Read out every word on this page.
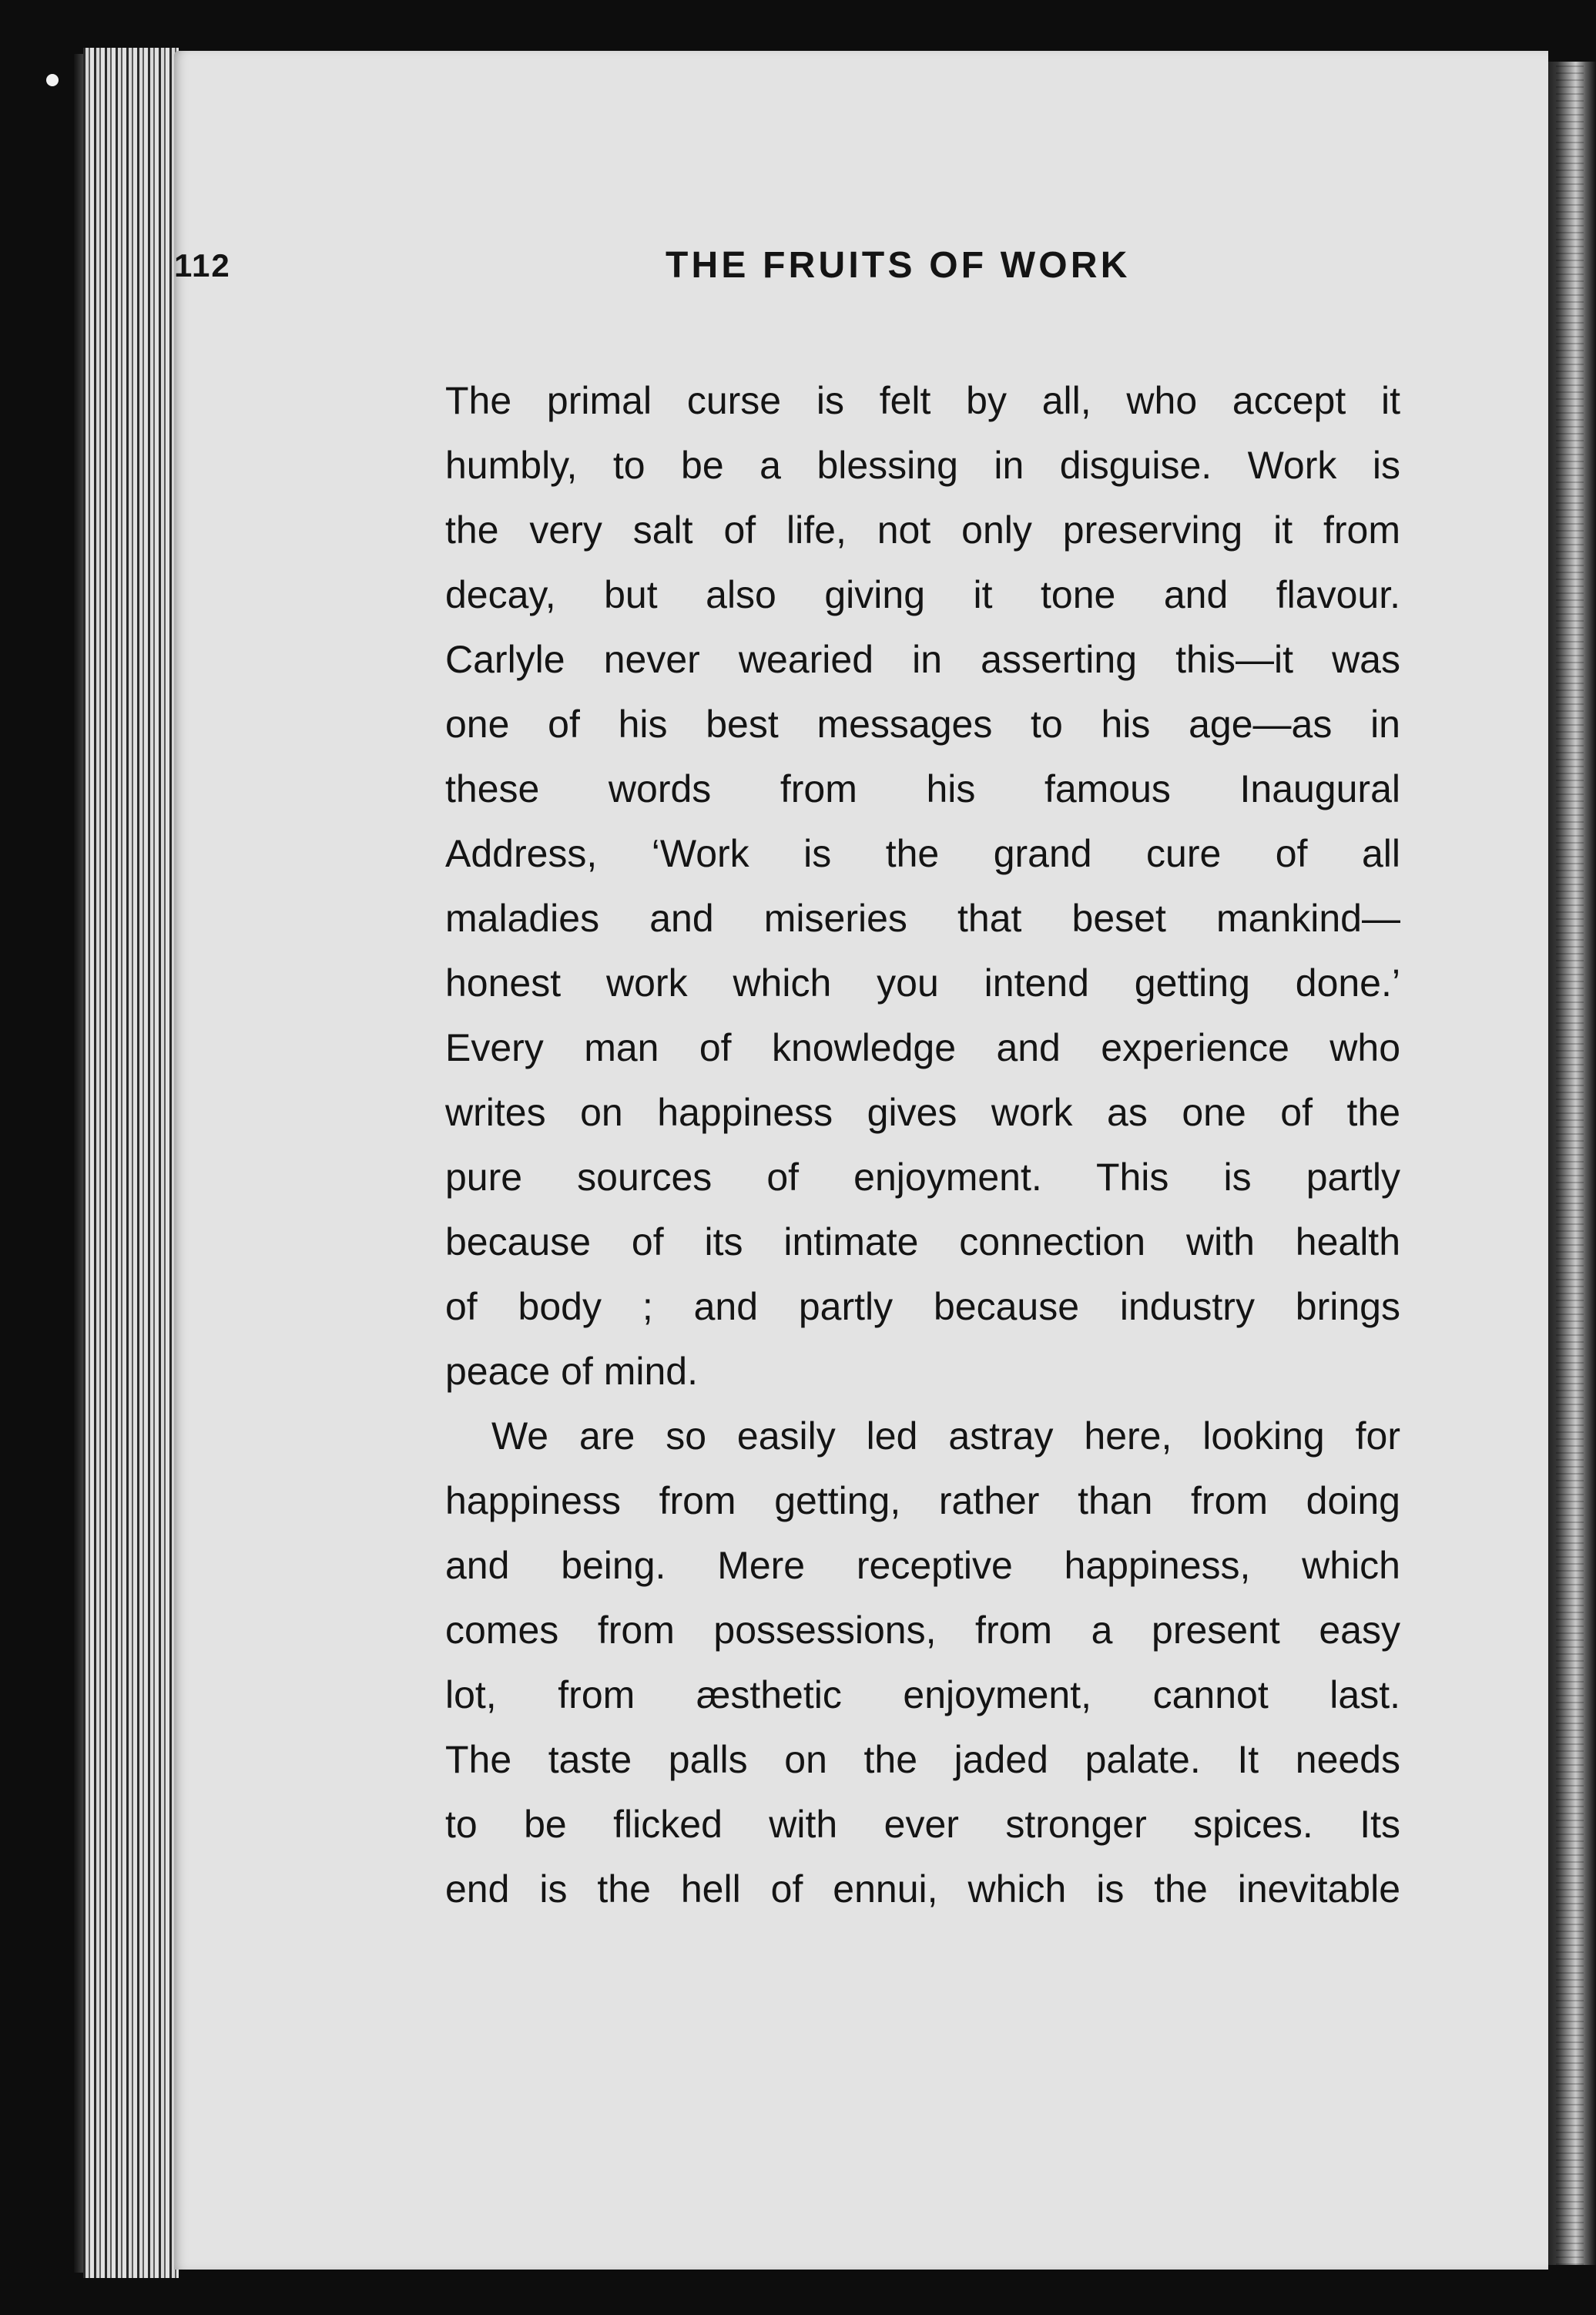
112	THE FRUITS OF WORK
The primal curse is felt by all, who accept it
humbly, to be a blessing in disguise. Work is
the very salt of life, not only preserving it from
decay, but also giving it tone and flavour.
Carlyle never wearied in asserting this—it was
one of his best messages to his age—as in
these words from his famous Inaugural
Address, ‘Work is the grand cure of all
maladies and miseries that beset mankind—
honest work which you intend getting done.’
Every man of knowledge and experience who
writes on happiness gives work as one of the
pure sources of enjoyment. This is partly
because of its intimate connection with health
of body ; and partly because industry brings
peace of mind.
We are so easily led astray here, looking for
happiness from getting, rather than from doing
and being. Mere receptive happiness, which
comes from possessions, from a present easy
lot, from æsthetic enjoyment, cannot last.
The taste palls on the jaded palate. It needs
to be flicked with ever stronger spices. Its
end is the hell of ennui, which is the inevitable
